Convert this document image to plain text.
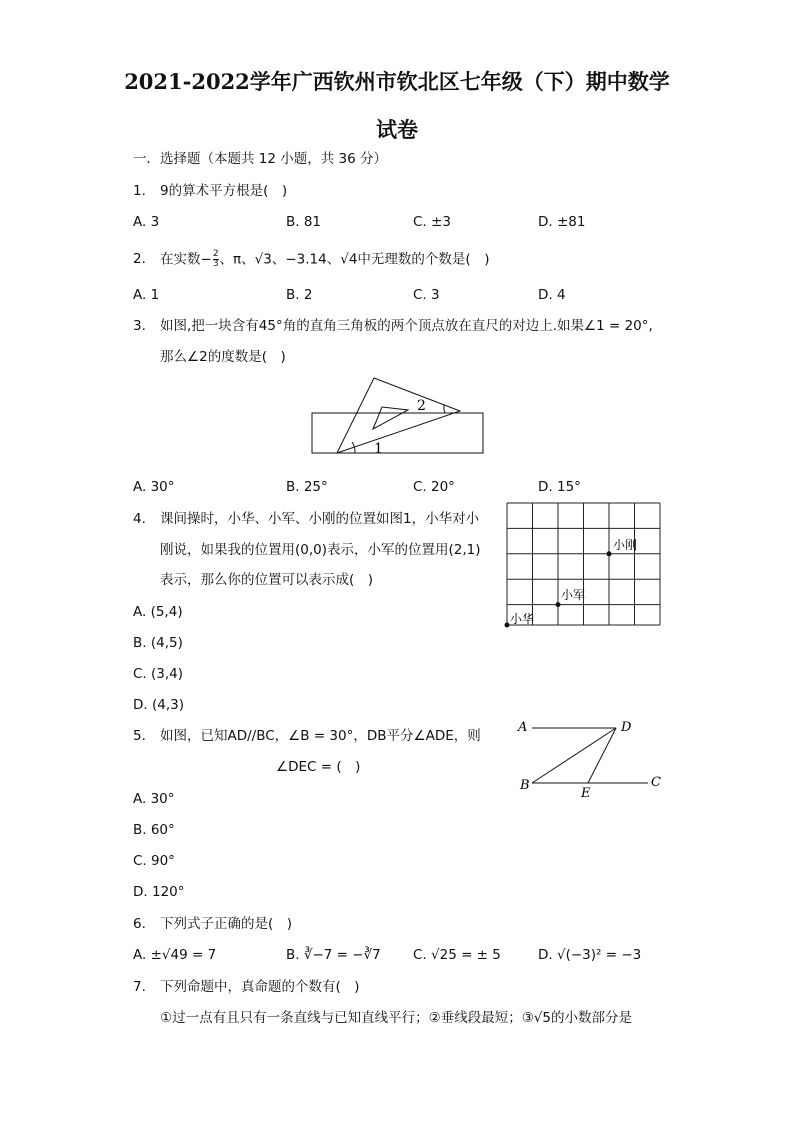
2021-2022学年广西钦州市钦北区七年级（下）期中数学
试卷
一．选择题（本题共 12 小题，共 36 分）
1. 9的算术平方根是( )
A. 3	B. 81	C. ±3	D. ±81
2. 在实数− $\frac{2}{3}$ 、π、√3、−3.14、√4中无理数的个数是( )
A. 1	B. 2	C. 3	D. 4
3. 如图,把一块含有45°角的直角三角板的两个顶点放在直尺的对边上.如果∠1 = 20°,
那么∠2的度数是( )
1
2
A. 30°	B. 25°	C. 20°	D. 15°
4. 课间操时，小华、小军、小刚的位置如图1，小华对小
刚说，如果我的位置用(0,0)表示，小军的位置用(2,1)
表示，那么你的位置可以表示成( )
小刚
小军
小华
A. (5,4)
B. (4,5)
C. (3,4)
D. (4,3)
5. 如图，已知AD//BC，∠B = 30°，DB平分∠ADE，则
∠DEC = ( )
A	D
B
E
C
A. 30°
B. 60°
C. 90°
D. 120°
6. 下列式子正确的是( )
A. ±√49 = 7	B. ∛−7 = −∛7 C. √25 = ± 5	D. √(−3)² = −3
7. 下列命题中，真命题的个数有( )
①过一点有且只有一条直线与已知直线平行；②垂线段最短；③√5的小数部分是
